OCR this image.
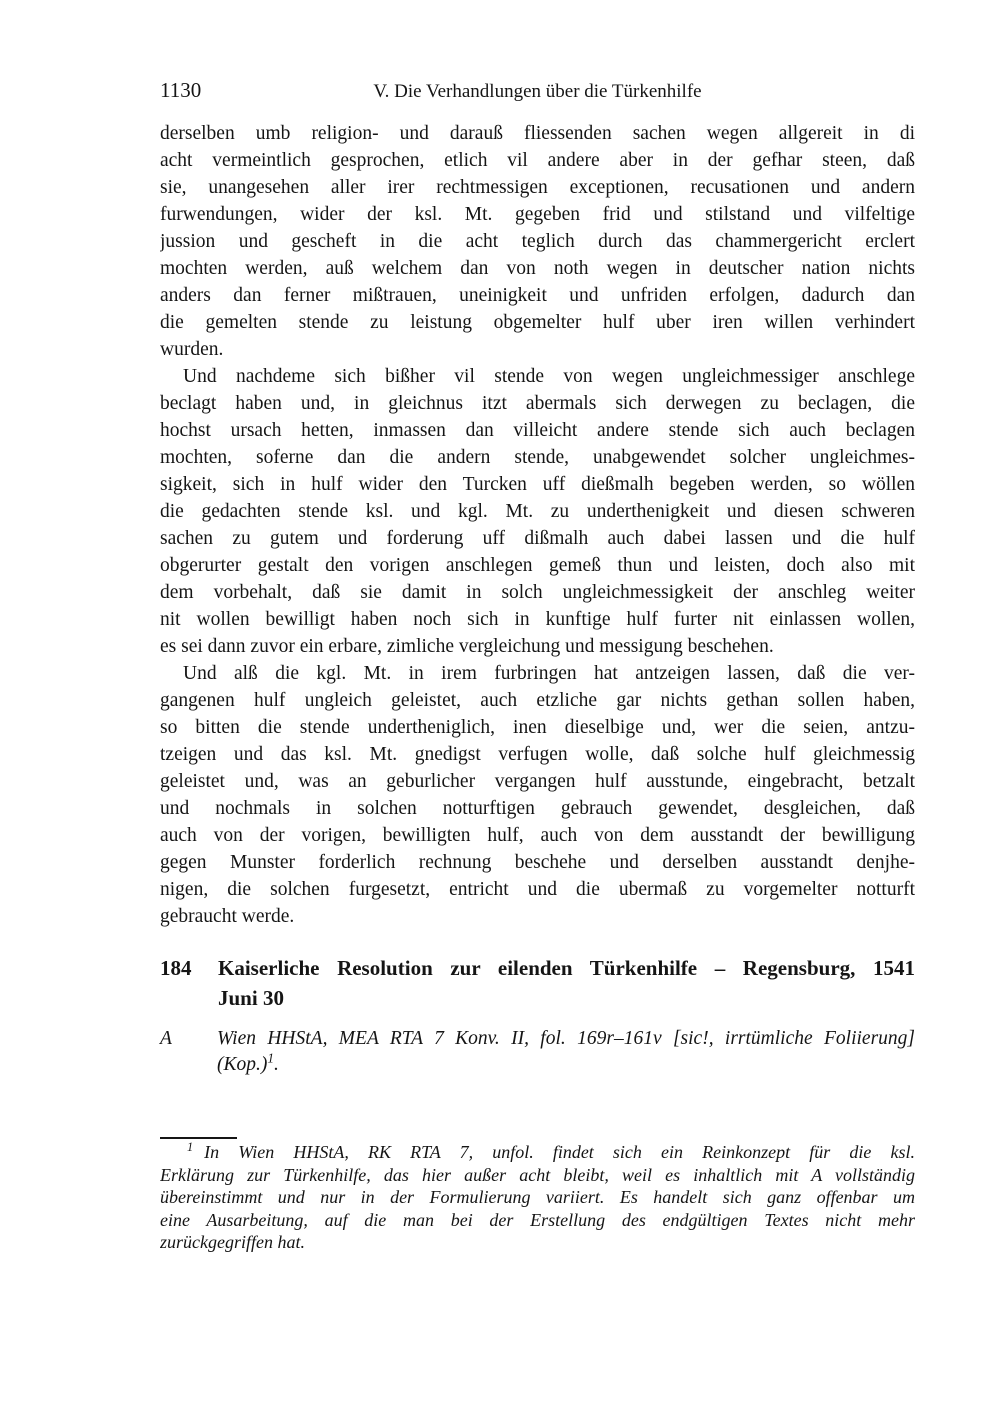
1130	V. Die Verhandlungen über die Türkenhilfe
derselben umb religion- und darauß fliessenden sachen wegen allgereit in di
acht vermeintlich gesprochen, etlich vil andere aber in der gefhar steen, daß
sie, unangesehen aller irer rechtmessigen exceptionen, recusationen und andern
furwendungen, wider der ksl. Mt. gegeben frid und stilstand und vilfeltige
jussion und gescheft in die acht teglich durch das chammergericht erclert
mochten werden, auß welchem dan von noth wegen in deutscher nation nichts
anders dan ferner mißtrauen, uneinigkeit und unfriden erfolgen, dadurch dan
die gemelten stende zu leistung obgemelter hulf uber iren willen verhindert
wurden.
Und nachdeme sich bißher vil stende von wegen ungleichmessiger anschlege
beclagt haben und, in gleichnus itzt abermals sich derwegen zu beclagen, die
hochst ursach hetten, inmassen dan villeicht andere stende sich auch beclagen
mochten, soferne dan die andern stende, unabgewendet solcher ungleichmes-
sigkeit, sich in hulf wider den Turcken uff dießmalh begeben werden, so wöllen
die gedachten stende ksl. und kgl. Mt. zu underthenigkeit und diesen schweren
sachen zu gutem und forderung uff dißmalh auch dabei lassen und die hulf
obgerurter gestalt den vorigen anschlegen gemeß thun und leisten, doch also mit
dem vorbehalt, daß sie damit in solch ungleichmessigkeit der anschleg weiter
nit wollen bewilligt haben noch sich in kunftige hulf furter nit einlassen wollen,
es sei dann zuvor ein erbare, zimliche vergleichung und messigung beschehen.
Und alß die kgl. Mt. in irem furbringen hat antzeigen lassen, daß die ver-
gangenen hulf ungleich geleistet, auch etzliche gar nichts gethan sollen haben,
so bitten die stende undertheniglich, inen dieselbige und, wer die seien, antzu-
tzeigen und das ksl. Mt. gnedigst verfugen wolle, daß solche hulf gleichmessig
geleistet und, was an geburlicher vergangen hulf ausstunde, eingebracht, betzalt
und nochmals in solchen notturftigen gebrauch gewendet, desgleichen, daß
auch von der vorigen, bewilligten hulf, auch von dem ausstandt der bewilligung
gegen Munster forderlich rechnung beschehe und derselben ausstandt denjhe-
nigen, die solchen furgesetzt, entricht und die ubermaß zu vorgemelter notturft
gebraucht werde.
184 Kaiserliche Resolution zur eilenden Türkenhilfe – Regensburg, 1541
Juni 30
A Wien HHStA, MEA RTA 7 Konv. II, fol. 169r–161v [sic!, irrtümliche Foliierung]
$(Kop.)^1$.
$^1$ In Wien HHStA, RK RTA 7, unfol. findet sich ein Reinkonzept für die ksl.
Erklärung zur Türkenhilfe, das hier außer acht bleibt, weil es inhaltlich mit A vollständig
übereinstimmt und nur in der Formulierung variiert. Es handelt sich ganz offenbar um
eine Ausarbeitung, auf die man bei der Erstellung des endgültigen Textes nicht mehr
zurückgegriffen hat.
